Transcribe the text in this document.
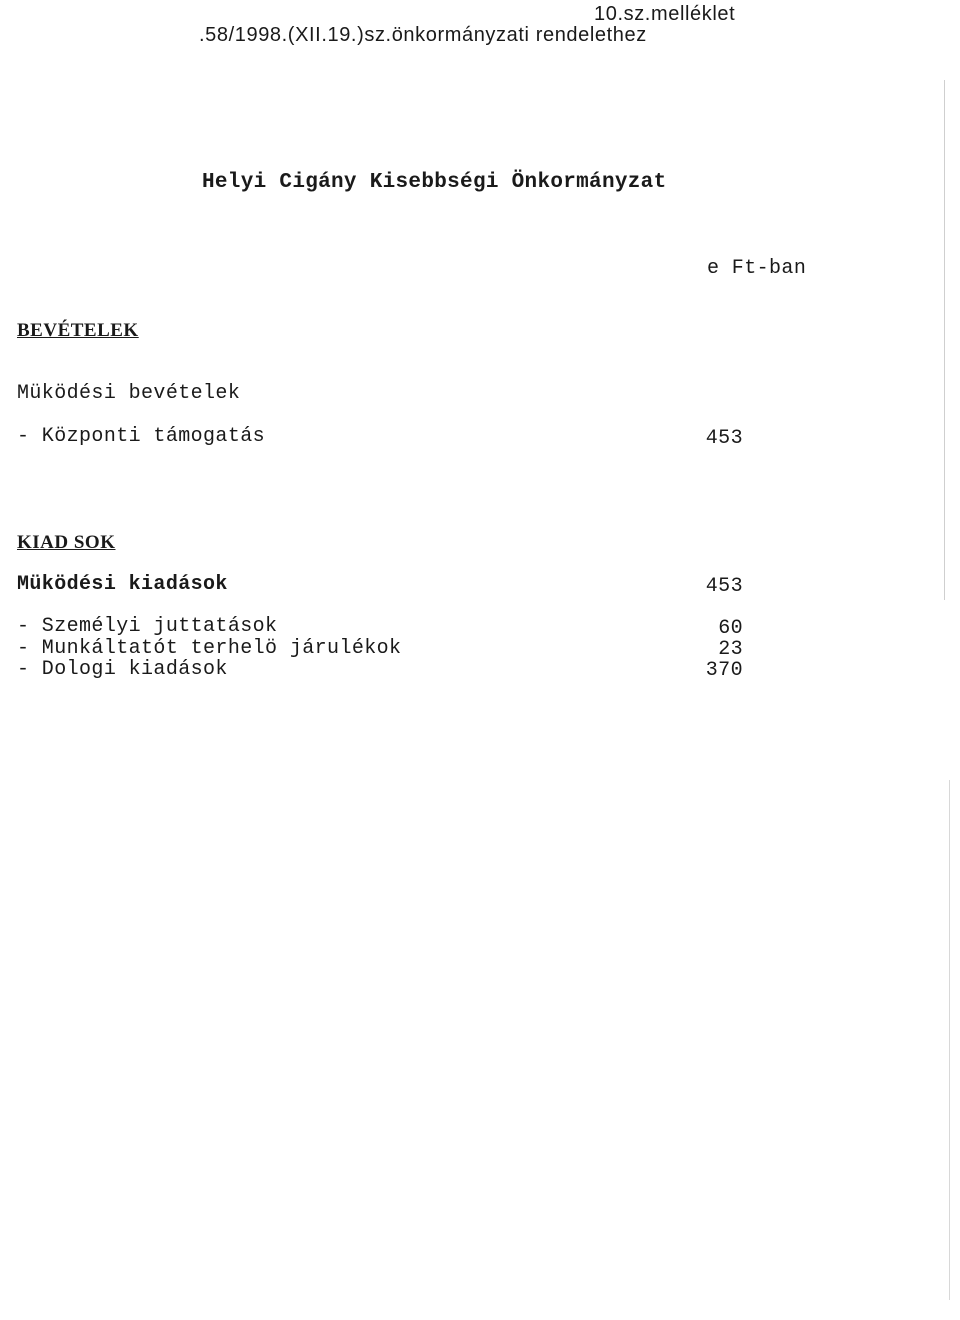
10.sz.melléklet
.58/1998.(XII.19.)sz.önkormányzati rendelethez
Helyi Cigány Kisebbségi Önkormányzat
e Ft-ban
BEVÉTELEK
Müködési bevételek
- Központi támogatás	453
KIAD SOK
Müködési kiadások	453
- Személyi juttatások	60
- Munkáltatót terhelö járulékok	23
- Dologi kiadások	370
